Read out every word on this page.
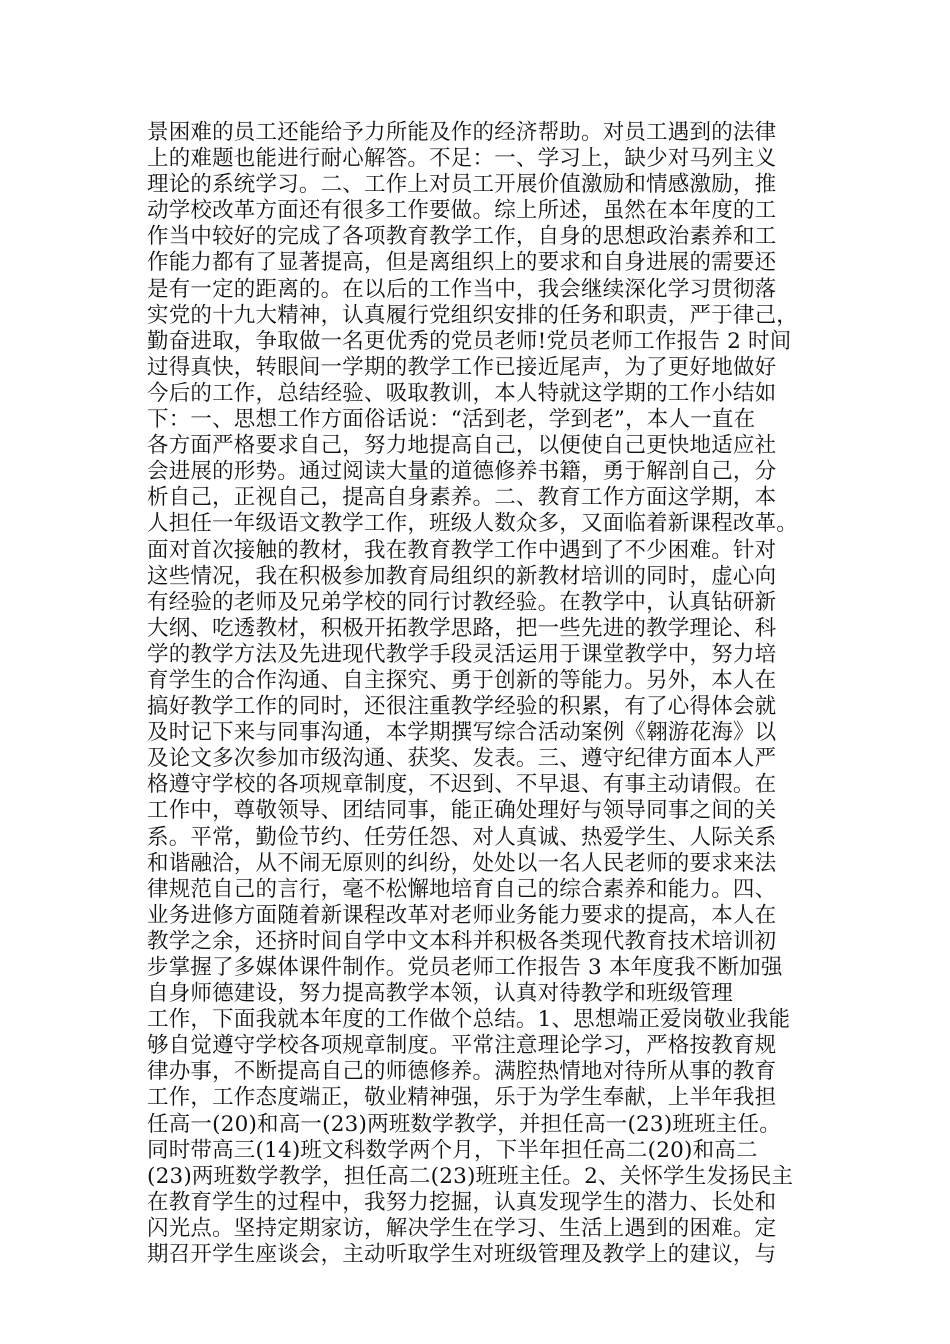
景困难的员工还能给予力所能及作的经济帮助。对员工遇到的法律
上的难题也能进行耐心解答。不足：一、学习上，缺少对马列主义
理论的系统学习。二、工作上对员工开展价值激励和情感激励，推
动学校改革方面还有很多工作要做。综上所述，虽然在本年度的工
作当中较好的完成了各项教育教学工作，自身的思想政治素养和工
作能力都有了显著提高，但是离组织上的要求和自身进展的需要还
是有一定的距离的。在以后的工作当中，我会继续深化学习贯彻落
实党的十九大精神，认真履行党组织安排的任务和职责，严于律己，
勤奋进取，争取做一名更优秀的党员老师!党员老师工作报告 2 时间
过得真快，转眼间一学期的教学工作已接近尾声，为了更好地做好
今后的工作，总结经验、吸取教训，本人特就这学期的工作小结如
下：一、思想工作方面俗话说：“活到老，学到老”，本人一直在
各方面严格要求自己，努力地提高自己，以便使自己更快地适应社
会进展的形势。通过阅读大量的道德修养书籍，勇于解剖自己，分
析自己，正视自己，提高自身素养。二、教育工作方面这学期，本
人担任一年级语文教学工作，班级人数众多，又面临着新课程改革。
面对首次接触的教材，我在教育教学工作中遇到了不少困难。针对
这些情况，我在积极参加教育局组织的新教材培训的同时，虚心向
有经验的老师及兄弟学校的同行讨教经验。在教学中，认真钻研新
大纲、吃透教材，积极开拓教学思路，把一些先进的教学理论、科
学的教学方法及先进现代教学手段灵活运用于课堂教学中，努力培
育学生的合作沟通、自主探究、勇于创新的等能力。另外，本人在
搞好教学工作的同时，还很注重教学经验的积累，有了心得体会就
及时记下来与同事沟通，本学期撰写综合活动案例《翱游花海》以
及论文多次参加市级沟通、获奖、发表。三、遵守纪律方面本人严
格遵守学校的各项规章制度，不迟到、不早退、有事主动请假。在
工作中，尊敬领导、团结同事，能正确处理好与领导同事之间的关
系。平常，勤俭节约、任劳任怨、对人真诚、热爱学生、人际关系
和谐融洽，从不闹无原则的纠纷，处处以一名人民老师的要求来法
律规范自己的言行，毫不松懈地培育自己的综合素养和能力。四、
业务进修方面随着新课程改革对老师业务能力要求的提高，本人在
教学之余，还挤时间自学中文本科并积极各类现代教育技术培训初
步掌握了多媒体课件制作。党员老师工作报告 3 本年度我不断加强
自身师德建设，努力提高教学本领，认真对待教学和班级管理
工作，下面我就本年度的工作做个总结。1、思想端正爱岗敬业我能
够自觉遵守学校各项规章制度。平常注意理论学习，严格按教育规
律办事，不断提高自己的师德修养。满腔热情地对待所从事的教育
工作，工作态度端正，敬业精神强，乐于为学生奉献，上半年我担
任高一(20)和高一(23)两班数学教学，并担任高一(23)班班主任。
同时带高三(14)班文科数学两个月，下半年担任高二(20)和高二
(23)两班数学教学，担任高二(23)班班主任。2、关怀学生发扬民主
在教育学生的过程中，我努力挖掘，认真发现学生的潜力、长处和
闪光点。坚持定期家访，解决学生在学习、生活上遇到的困难。定
期召开学生座谈会，主动听取学生对班级管理及教学上的建议，与
